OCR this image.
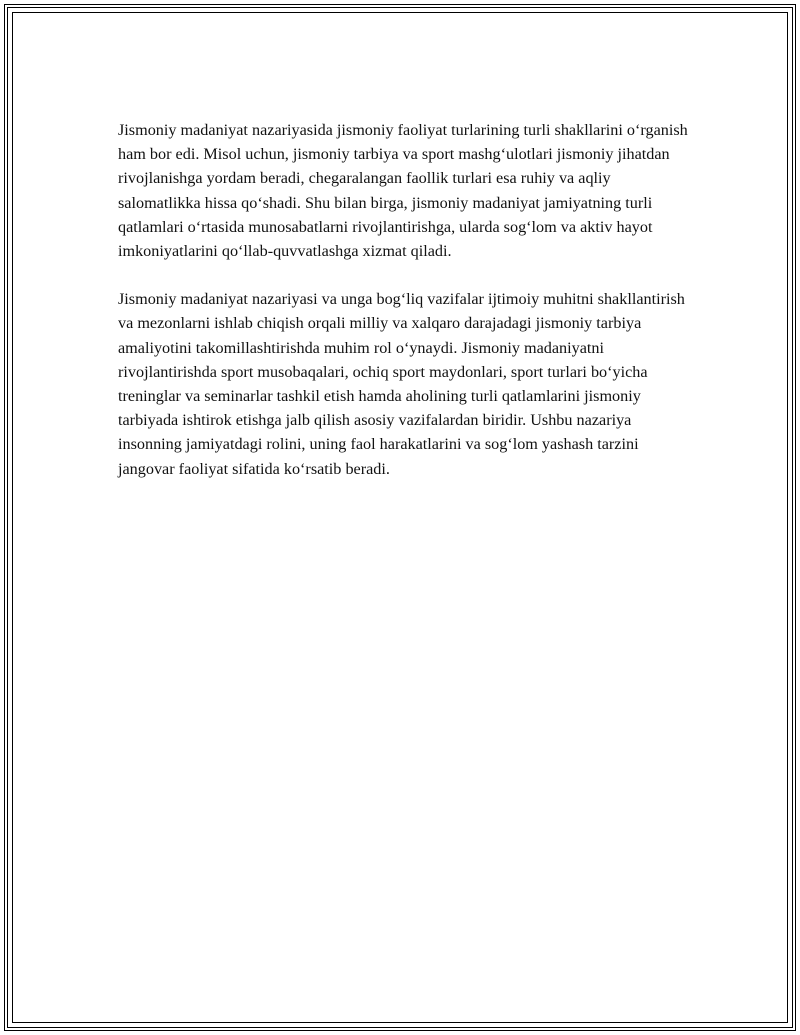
Jismoniy madaniyat nazariyasida jismoniy faoliyat turlarining turli shakllarini oʻrganish ham bor edi. Misol uchun, jismoniy tarbiya va sport mashgʻulotlari jismoniy jihatdan rivojlanishga yordam beradi, chegaralangan faollik turlari esa ruhiy va aqliy salomatlikka hissa qoʻshadi. Shu bilan birga, jismoniy madaniyat jamiyatning turli qatlamlari oʻrtasida munosabatlarni rivojlantirishga, ularda sogʻlom va aktiv hayot imkoniyatlarini qoʻllab-quvvatlashga xizmat qiladi.

Jismoniy madaniyat nazariyasi va unga bogʻliq vazifalar ijtimoiy muhitni shakllantirish va mezonlarni ishlab chiqish orqali milliy va xalqaro darajadagi jismoniy tarbiya amaliyotini takomillashtirishda muhim rol oʻynaydi. Jismoniy madaniyatni rivojlantirishda sport musobaqalari, ochiq sport maydonlari, sport turlari boʻyicha treninglar va seminarlar tashkil etish hamda aholining turli qatlamlarini jismoniy tarbiyada ishtirok etishga jalb qilish asosiy vazifalardan biridir. Ushbu nazariya insonning jamiyatdagi rolini, uning faol harakatlarini va sogʻlom yashash tarzini jangovar faoliyat sifatida koʻrsatib beradi.
